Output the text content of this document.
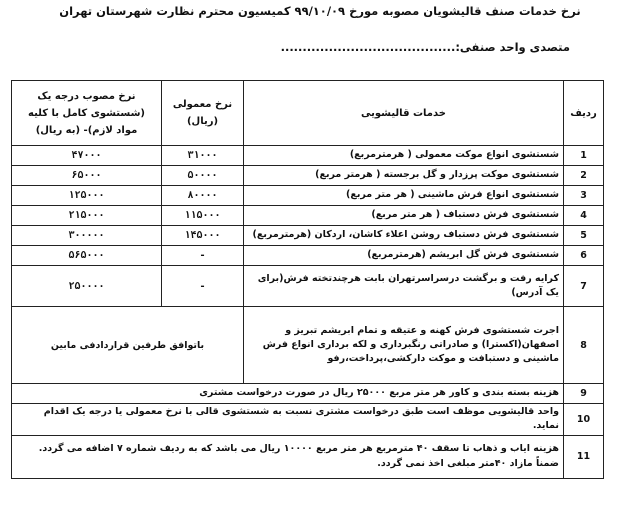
نرخ خدمات صنف قالیشویان مصوبه مورخ ۹۹/۱۰/۰۹ کمیسیون محترم نظارت شهرستان تهران
متصدی واحد صنفی:........................................
ردیف	خدمات قالیشویی	نرخ معمولی (ریال)	نرخ مصوب درجه یک (شستشوی کامل با کلیه مواد لازم)- (به ریال)
1	شستشوی انواع موکت معمولی ( هرمترمربع)	۳۱۰۰۰	۴۷۰۰۰
2	شستشوی موکت پرزدار و گل برجسته ( هرمتر مربع)	۵۰۰۰۰	۶۵۰۰۰
3	شستشوی انواع فرش ماشینی ( هر متر مربع)	۸۰۰۰۰	۱۲۵۰۰۰
4	شستشوی فرش دستباف ( هر متر مربع)	۱۱۵۰۰۰	۲۱۵۰۰۰
5	شستشوی فرش دستباف روشن اعلاء کاشان، اردکان (هرمترمربع)	۱۴۵۰۰۰	۳۰۰۰۰۰
6	شستشوی فرش گل ابریشم (هرمترمربع)	-	۵۶۵۰۰۰
7	کرایه رفت و برگشت درسراسرتهران بابت هرچندتخته فرش(برای یک آدرس)	-	۲۵۰۰۰۰
8	اجرت شستشوی فرش کهنه و عتیقه و تمام ابریشم تبریز و اصفهان(اکسترا) و صادراتی رنگبرداری و لکه برداری انواع فرش ماشینی و دستبافت و موکت دارکشی،پرداخت،رفو	باتوافق طرفین قراردادفی مابین	
9	هزینه بسته بندی و کاور هر متر مربع ۲۵۰۰۰ ریال در صورت درخواست مشتری		
10	واحد قالیشویی موظف است طبق درخواست مشتری نسبت به شستشوی قالی با نرخ معمولی یا درجه یک اقدام نماید.		
11	هزینه ایاب و ذهاب تا سقف ۴۰ مترمربع هر متر مربع ۱۰۰۰۰ ریال می باشد که به ردیف شماره ۷ اضافه می گردد. ضمناً مازاد ۴۰متر مبلغی اخذ نمی گردد.		
